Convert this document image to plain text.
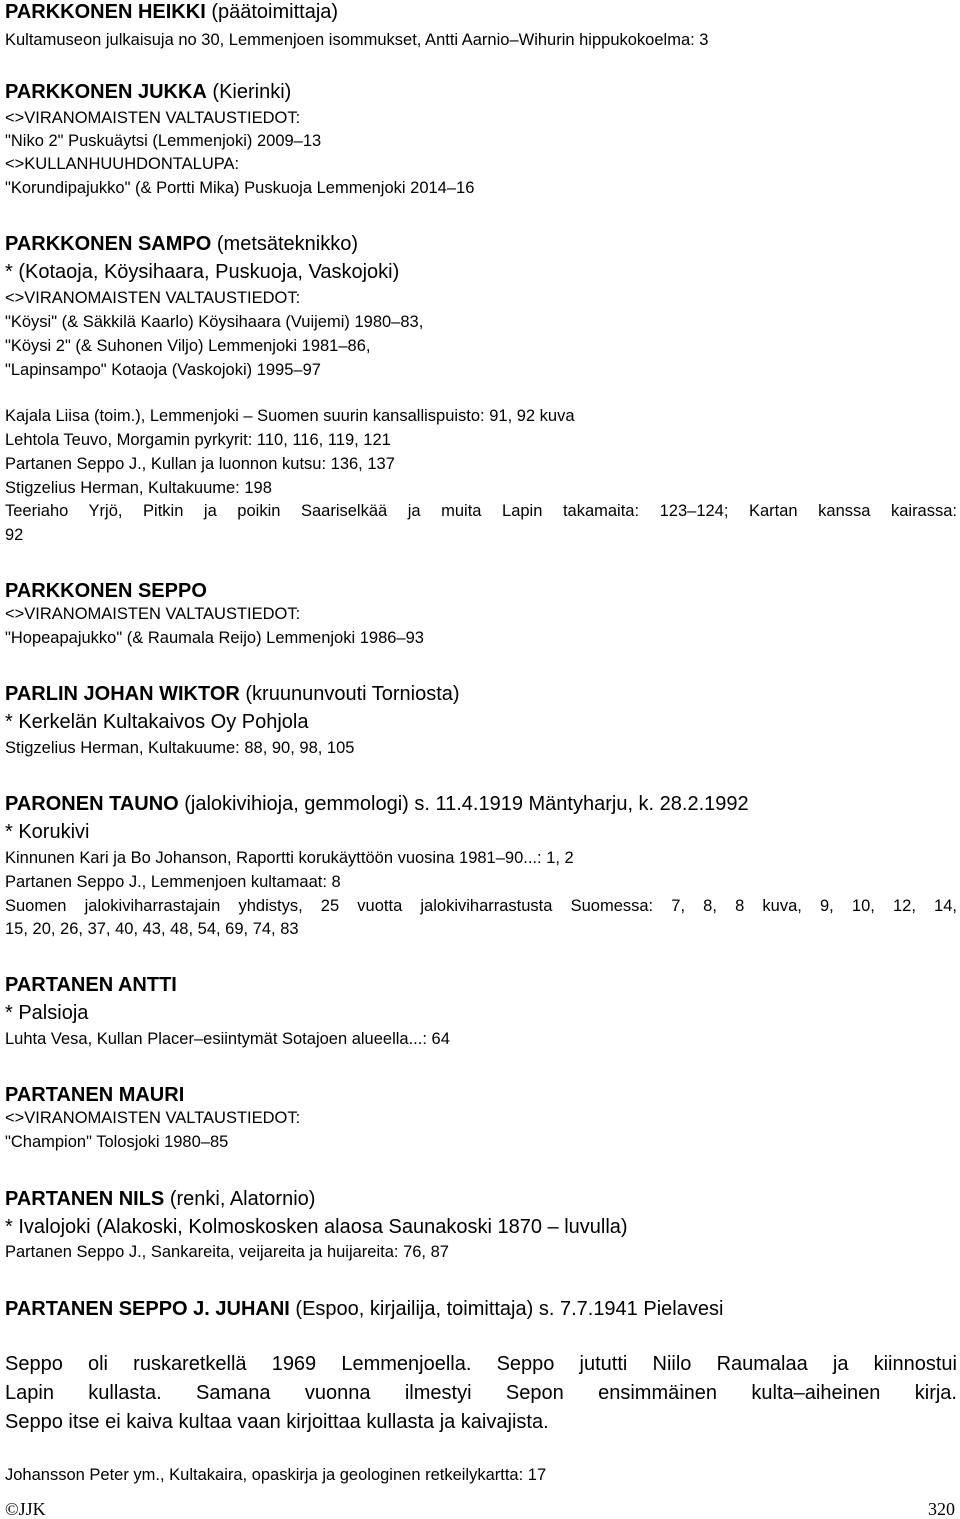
PARKKONEN HEIKKI (päätoimittaja)
Kultamuseon julkaisuja no 30, Lemmenjoen isommukset, Antti Aarnio–Wihurin hippukokoelma: 3
PARKKONEN JUKKA (Kierinki)
<>VIRANOMAISTEN VALTAUSTIEDOT:
"Niko 2" Puskuäytsi (Lemmenjoki) 2009–13
<>KULLANHUUHDONTALUPA:
"Korundipajukko" (& Portti Mika) Puskuoja Lemmenjoki 2014–16
PARKKONEN SAMPO (metsäteknikko)
* (Kotaoja, Köysihaara, Puskuoja, Vaskojoki)
<>VIRANOMAISTEN VALTAUSTIEDOT:
"Köysi" (& Säkkilä Kaarlo) Köysihaara (Vuijemi) 1980–83,
"Köysi 2" (& Suhonen Viljo) Lemmenjoki 1981–86,
"Lapinsampo" Kotaoja (Vaskojoki) 1995–97
Kajala Liisa (toim.), Lemmenjoki – Suomen suurin kansallispuisto: 91, 92 kuva
Lehtola Teuvo, Morgamin pyrkyrit: 110, 116, 119, 121
Partanen Seppo J., Kullan ja luonnon kutsu: 136, 137
Stigzelius Herman, Kultakuume: 198
Teeriaho Yrjö, Pitkin ja poikin Saariselkää ja muita Lapin takamaita: 123–124; Kartan kanssa kairassa:
92
PARKKONEN SEPPO
<>VIRANOMAISTEN VALTAUSTIEDOT:
"Hopeapajukko" (& Raumala Reijo) Lemmenjoki 1986–93
PARLIN JOHAN WIKTOR (kruununvouti Torniosta)
* Kerkelän Kultakaivos Oy Pohjola
Stigzelius Herman, Kultakuume: 88, 90, 98, 105
PARONEN TAUNO (jalokivihioja, gemmologi) s. 11.4.1919 Mäntyharju, k. 28.2.1992
* Korukivi
Kinnunen Kari ja Bo Johanson, Raportti korukäyttöön vuosina 1981–90...: 1, 2
Partanen Seppo J., Lemmenjoen kultamaat: 8
Suomen jalokiviharrastajain yhdistys, 25 vuotta jalokiviharrastusta Suomessa: 7, 8, 8 kuva, 9, 10, 12, 14,
15, 20, 26, 37, 40, 43, 48, 54, 69, 74, 83
PARTANEN ANTTI
* Palsioja
Luhta Vesa, Kullan Placer–esiintymät Sotajoen alueella...: 64
PARTANEN MAURI
<>VIRANOMAISTEN VALTAUSTIEDOT:
"Champion" Tolosjoki 1980–85
PARTANEN NILS (renki, Alatornio)
* Ivalojoki (Alakoski, Kolmoskosken alaosa Saunakoski 1870 – luvulla)
Partanen Seppo J., Sankareita, veijareita ja huijareita: 76, 87
PARTANEN SEPPO J. JUHANI (Espoo, kirjailija, toimittaja) s. 7.7.1941 Pielavesi
Seppo oli ruskaretkellä 1969 Lemmenjoella. Seppo jututti Niilo Raumalaa ja kiinnostui
Lapin kullasta. Samana vuonna ilmestyi Sepon ensimmäinen kulta–aiheinen kirja.
Seppo itse ei kaiva kultaa vaan kirjoittaa kullasta ja kaivajista.
Johansson Peter ym., Kultakaira, opaskirja ja geologinen retkeilykartta: 17
©JJK	320
